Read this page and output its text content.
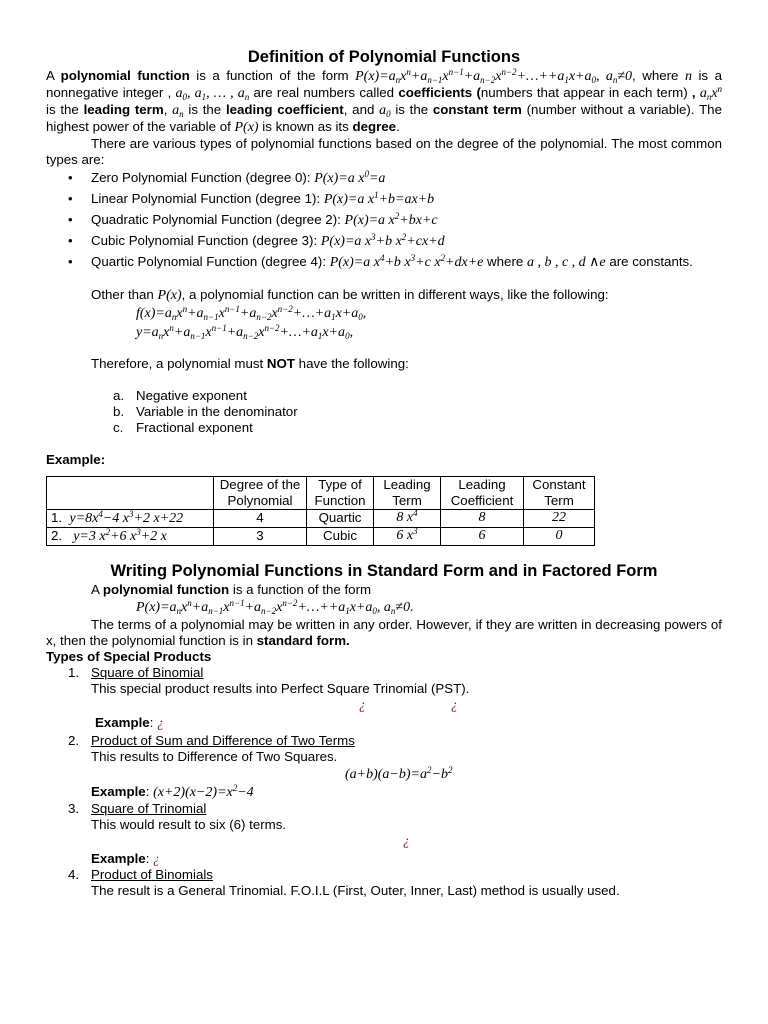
Definition of Polynomial Functions

A polynomial function is a function of the form $P(x)=a_nx^n+a_{n-1}x^{n-1}+a_{n-2}x^{n-2}+\dots++a_1x+a_0$, $a_n\ne 0$, where n is a nonnegative integer , $a_0$, $a_1$, … , $a_n$ are real numbers called coefficients (numbers that appear in each term) , $a_nx^n$ is the leading term, $a_n$ is the leading coefficient, and $a_0$ is the constant term (number without a variable). The highest power of the variable of P(x) is known as its degree.

There are various types of polynomial functions based on the degree of the polynomial. The most common types are:

• Zero Polynomial Function (degree 0): P(x)=a $x^0=a$
• Linear Polynomial Function (degree 1): P(x)=a $x^1+b=ax+b$
• Quadratic Polynomial Function (degree 2): P(x)=a $x^2+bx+c$
• Cubic Polynomial Function (degree 3): P(x)=a $x^3+b$ $x^2+cx+d$
• Quartic Polynomial Function (degree 4): P(x)=a $x^4+b$ $x^3+c$ $x^2+dx+e$ where a , b , c , d ∧e are constants.

Other than P(x), a polynomial function can be written in different ways, like the following:

$f(x)=a_nx^n+a_{n-1}x^{n-1}+a_{n-2}x^{n-2}+\dots+a_1x+a_0$,
$y=a_nx^n+a_{n-1}x^{n-1}+a_{n-2}x^{n-2}+\dots+a_1x+a_0$,

Therefore, a polynomial must NOT have the following:

a. Negative exponent
b. Variable in the denominator
c. Fractional exponent

Example:

	Degree of the Polynomial	Type of Function	Leading Term	Leading Coefficient	Constant Term
1. $y=8x^4-4$ $x^3+2$ x+22	4	Quartic	8 $x^4$	8	22
2. y=3 $x^2+6$ $x^3+2$ x	3	Cubic	6 $x^3$	6	0
Writing Polynomial Functions in Standard Form and in Factored Form

A polynomial function is a function of the form

$P(x)=a_nx^n+a_{n-1}x^{n-1}+a_{n-2}x^{n-2}+\dots++a_1x+a_0$, $a_n\ne 0$.

The terms of a polynomial may be written in any order. However, if they are written in decreasing powers of x, then the polynomial function is in standard form.

Types of Special Products

1. Square of Binomial
This special product results into Perfect Square Trinomial (PST).
¿	¿
Example: ¿
2. Product of Sum and Difference of Two Terms
This results to Difference of Two Squares.
$(a+b)(a-b)=a^2-b^2$
Example: $(x+2)(x-2)=x^2-4$
3. Square of Trinomial
This would result to six (6) terms.
¿
Example: ¿
4. Product of Binomials
The result is a General Trinomial. F.O.I.L (First, Outer, Inner, Last) method is usually used.
